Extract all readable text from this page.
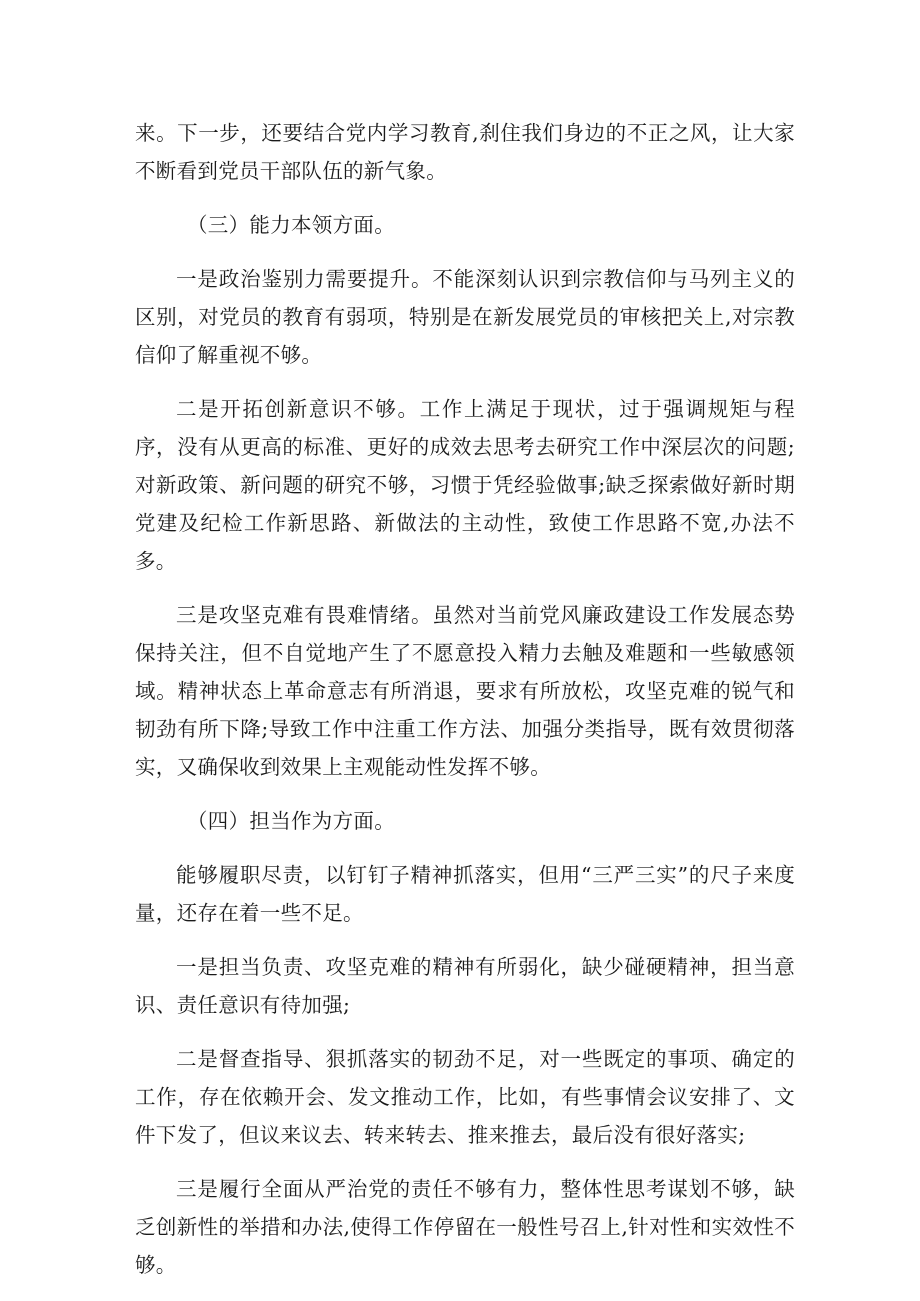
来。下一步，还要结合党内学习教育,刹住我们身边的不正之风，让大家不断看到党员干部队伍的新气象。

（三）能力本领方面。

一是政治鉴别力需要提升。不能深刻认识到宗教信仰与马列主义的区别，对党员的教育有弱项，特别是在新发展党员的审核把关上,对宗教信仰了解重视不够。

二是开拓创新意识不够。工作上满足于现状，过于强调规矩与程序，没有从更高的标准、更好的成效去思考去研究工作中深层次的问题;对新政策、新问题的研究不够，习惯于凭经验做事;缺乏探索做好新时期党建及纪检工作新思路、新做法的主动性，致使工作思路不宽,办法不多。

三是攻坚克难有畏难情绪。虽然对当前党风廉政建设工作发展态势保持关注，但不自觉地产生了不愿意投入精力去触及难题和一些敏感领域。精神状态上革命意志有所消退，要求有所放松，攻坚克难的锐气和韧劲有所下降;导致工作中注重工作方法、加强分类指导，既有效贯彻落实，又确保收到效果上主观能动性发挥不够。

（四）担当作为方面。

能够履职尽责，以钉钉子精神抓落实，但用“三严三实”的尺子来度量，还存在着一些不足。

一是担当负责、攻坚克难的精神有所弱化，缺少碰硬精神，担当意识、责任意识有待加强;

二是督查指导、狠抓落实的韧劲不足，对一些既定的事项、确定的工作，存在依赖开会、发文推动工作，比如，有些事情会议安排了、文件下发了，但议来议去、转来转去、推来推去，最后没有很好落实;

三是履行全面从严治党的责任不够有力，整体性思考谋划不够，缺乏创新性的举措和办法,使得工作停留在一般性号召上,针对性和实效性不够。
